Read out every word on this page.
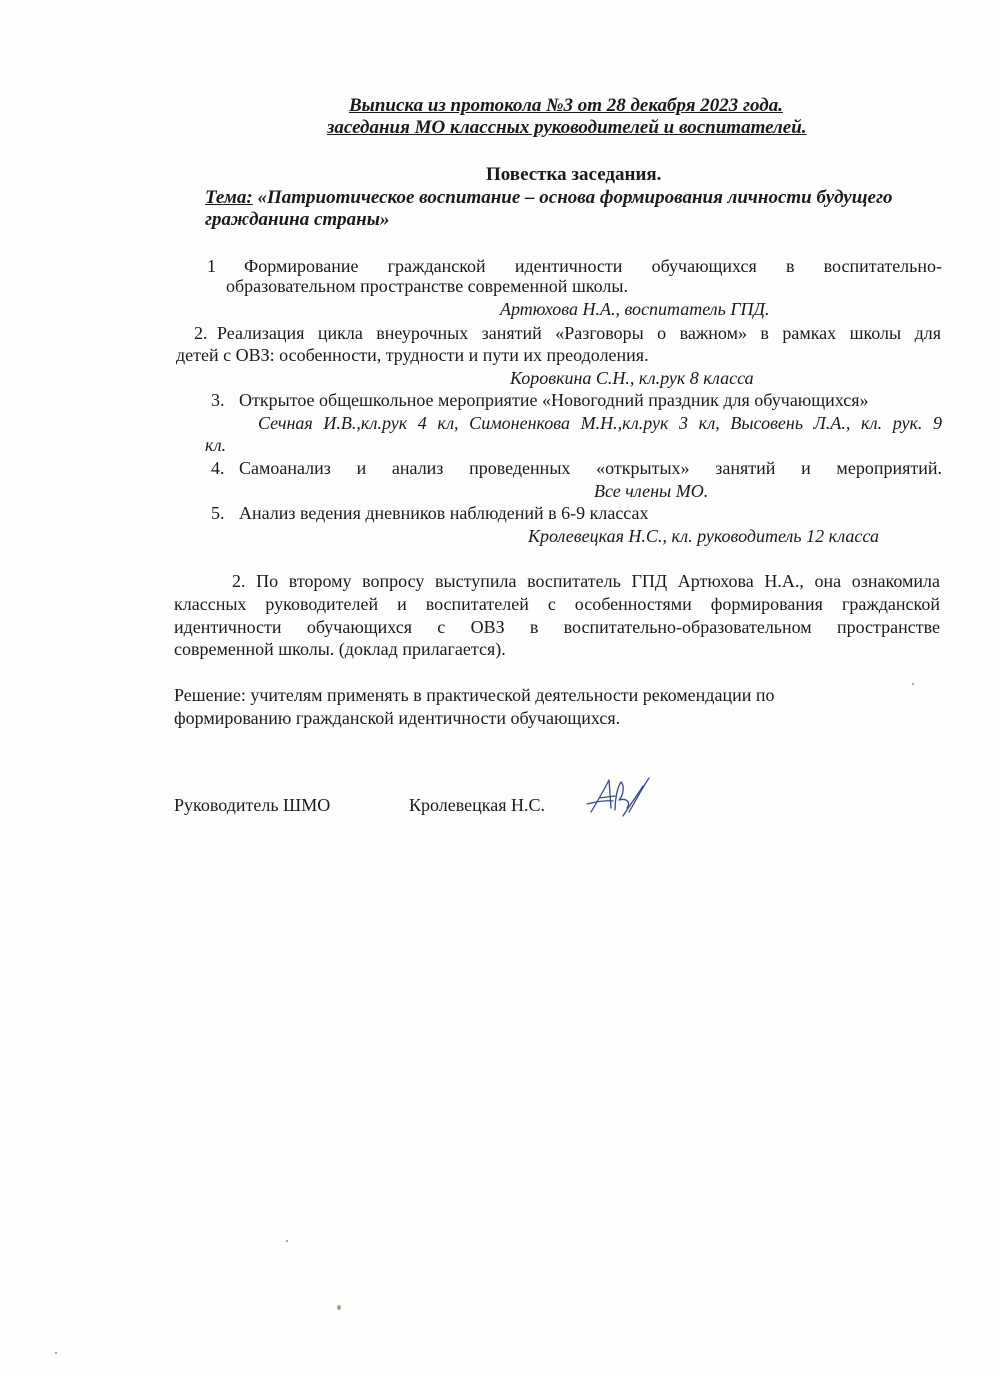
Выписка из протокола №3 от 28 декабря 2023 года.
заседания МО классных руководителей и воспитателей.
Повестка заседания.
Тема: «Патриотическое воспитание – основа формирования личности будущего
гражданина страны»
1 Формирование гражданской идентичности обучающихся в воспитательно-
образовательном пространстве современной школы.
Артюхова Н.А., воспитатель ГПД.
2. Реализация цикла внеурочных занятий «Разговоры о важном» в рамках школы для
детей с ОВЗ: особенности, трудности и пути их преодоления.
Коровкина С.Н., кл.рук 8 класса
3. Открытое общешкольное мероприятие «Новогодний праздник для обучающихся»
Сечная И.В.,кл.рук 4 кл, Симоненкова М.Н.,кл.рук 3 кл, Высовень Л.А., кл. рук. 9
кл.
4. Самоанализ и анализ проведенных «открытых» занятий и мероприятий.
Все члены МО.
5. Анализ ведения дневников наблюдений в 6-9 классах
Кролевецкая Н.С., кл. руководитель 12 класса
2. По второму вопросу выступила воспитатель ГПД Артюхова Н.А., она ознакомила
классных руководителей и воспитателей с особенностями формирования гражданской
идентичности обучающихся с ОВЗ в воспитательно-образовательном пространстве
современной школы. (доклад прилагается).
Решение: учителям применять в практической деятельности рекомендации по
формированию гражданской идентичности обучающихся.
Руководитель ШМО	Кролевецкая Н.С.
